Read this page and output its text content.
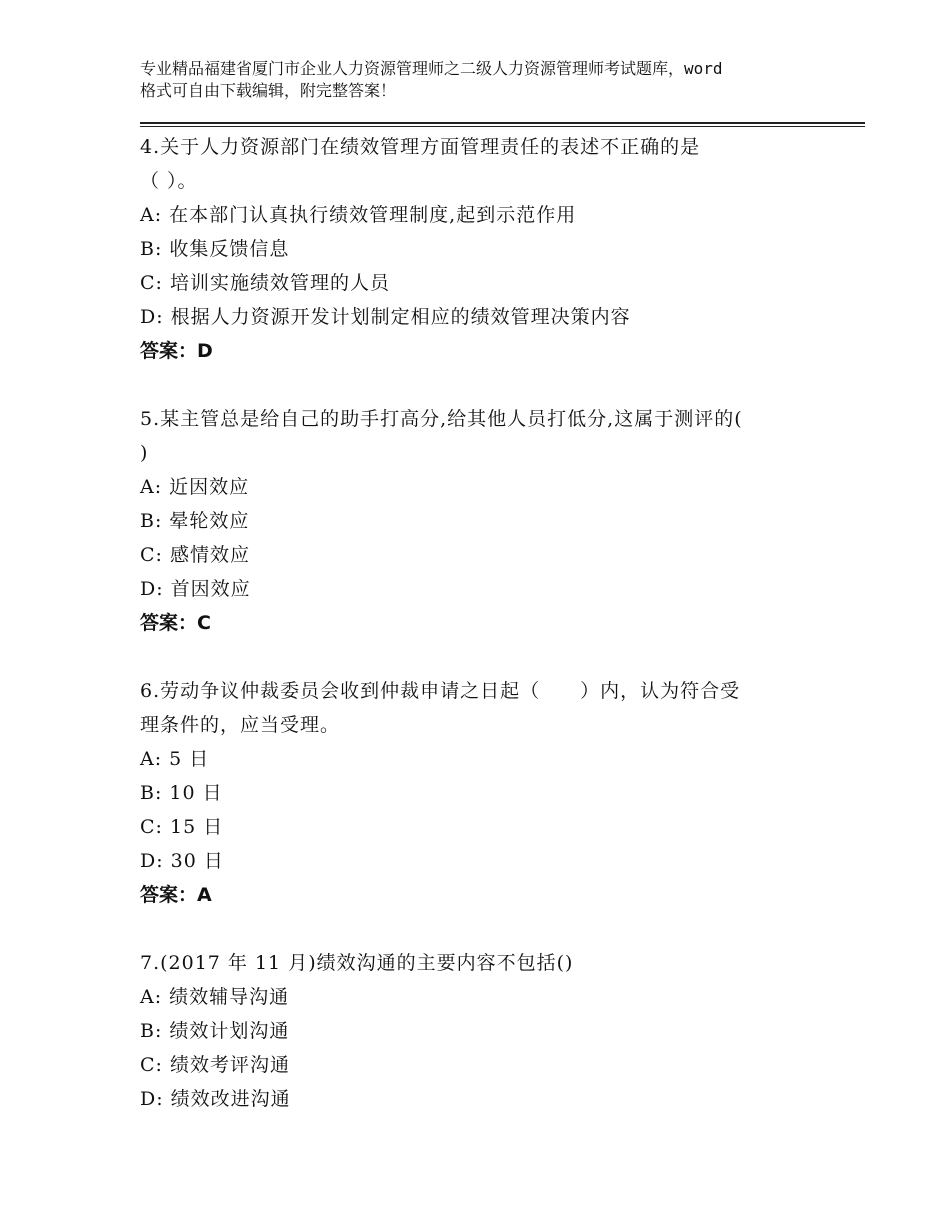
专业精品福建省厦门市企业人力资源管理师之二级人力资源管理师考试题库，word
格式可自由下载编辑，附完整答案！
4.关于人力资源部门在绩效管理方面管理责任的表述不正确的是
（ ）。
A: 在本部门认真执行绩效管理制度,起到示范作用
B: 收集反馈信息
C: 培训实施绩效管理的人员
D: 根据人力资源开发计划制定相应的绩效管理决策内容
答案：D
5.某主管总是给自己的助手打高分,给其他人员打低分,这属于测评的(
)
A: 近因效应
B: 晕轮效应
C: 感情效应
D: 首因效应
答案：C
6.劳动争议仲裁委员会收到仲裁申请之日起（　　）内，认为符合受
理条件的，应当受理。
A: 5 日
B: 10 日
C: 15 日
D: 30 日
答案：A
7.(2017 年 11 月)绩效沟通的主要内容不包括()
A: 绩效辅导沟通
B: 绩效计划沟通
C: 绩效考评沟通
D: 绩效改进沟通
